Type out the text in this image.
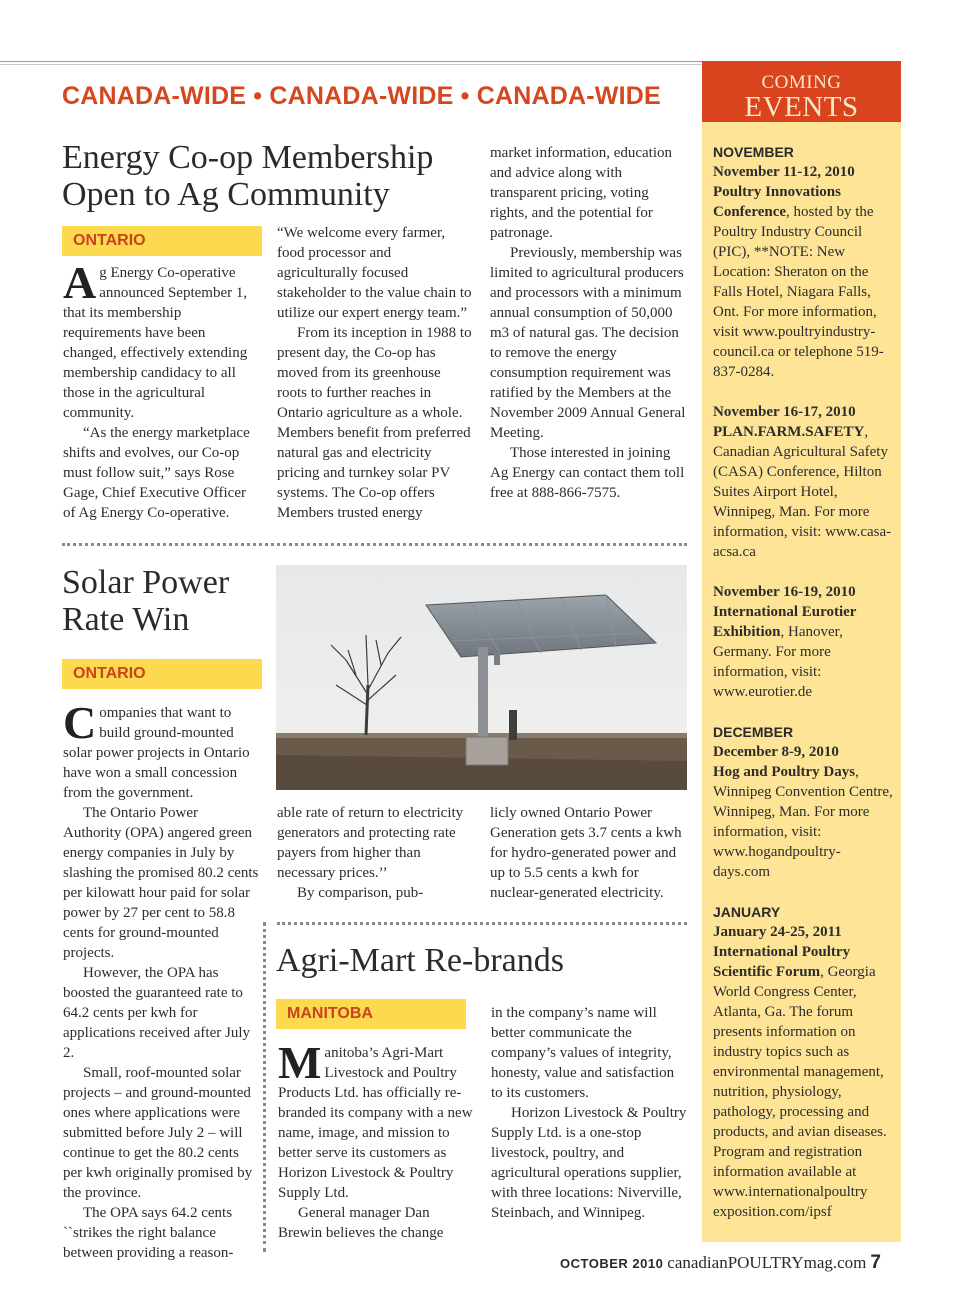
CANADA-WIDE • CANADA-WIDE • CANADA-WIDE
Energy Co-op Membership
Open to Ag Community
ONTARIO

Ag Energy Co-operative announced September 1, that its membership requirements have been changed, effectively extending membership candidacy to all those in the agricultural community.

“As the energy marketplace shifts and evolves, our Co-op must follow suit,” says Rose Gage, Chief Executive Officer of Ag Energy Co-operative.

“We welcome every farmer, food processor and agriculturally focused stakeholder to the value chain to utilize our expert energy team.”

From its inception in 1988 to present day, the Co-op has moved from its greenhouse roots to further reaches in Ontario agriculture as a whole. Members benefit from preferred natural gas and electricity pricing and turnkey solar PV systems. The Co-op offers Members trusted energy

market information, education and advice along with transparent pricing, voting rights, and the potential for patronage.

Previously, membership was limited to agricultural producers and processors with a minimum annual consumption of 50,000 m3 of natural gas. The decision to remove the energy consumption requirement was ratified by the Members at the November 2009 Annual General Meeting.

Those interested in joining Ag Energy can contact them toll free at 888-866-7575.

Solar Power
Rate Win
ONTARIO

Companies that want to build ground-mounted solar power projects in Ontario have won a small concession from the government.

The Ontario Power Authority (OPA) angered green energy companies in July by slashing the promised 80.2 cents per kilowatt hour paid for solar power by 27 per cent to 58.8 cents for ground-mounted projects.

However, the OPA has boosted the guaranteed rate to 64.2 cents per kwh for applications received after July 2.

Small, roof-mounted solar projects – and ground-mounted ones where applications were submitted before July 2 – will continue to get the 80.2 cents per kwh originally promised by the province.

The OPA says 64.2 cents ``strikes the right balance between providing a reason-

able rate of return to electricity generators and protecting rate payers from higher than necessary prices.’’

By comparison, pub-

licly owned Ontario Power Generation gets 3.7 cents a kwh for hydro-generated power and up to 5.5 cents a kwh for nuclear-generated electricity.

Agri-Mart Re-brands
MANITOBA

Manitoba’s Agri-Mart Livestock and Poultry Products Ltd. has officially re-branded its company with a new name, image, and mission to better serve its customers as Horizon Livestock & Poultry Supply Ltd.

General manager Dan Brewin believes the change

in the company’s name will better communicate the company’s values of integrity, honesty, value and satisfaction to its customers.

Horizon Livestock & Poultry Supply Ltd. is a one-stop livestock, poultry, and agricultural operations supplier, with three locations: Niverville, Steinbach, and Winnipeg.

COMING
EVENTS
NOVEMBER
November 11-12, 2010
Poultry Innovations Conference, hosted by the Poultry Industry Council (PIC), **NOTE: New Location: Sheraton on the Falls Hotel, Niagara Falls, Ont. For more information, visit www.poultryindustry-council.ca or telephone 519-837-0284.
November 16-17, 2010
PLAN.FARM.SAFETY, Canadian Agricultural Safety (CASA) Conference, Hilton Suites Airport Hotel, Winnipeg, Man. For more information, visit: www.casa-acsa.ca
November 16-19, 2010
International Eurotier Exhibition, Hanover, Germany. For more information, visit: www.eurotier.de
DECEMBER
December 8-9, 2010
Hog and Poultry Days, Winnipeg Convention Centre, Winnipeg, Man. For more information, visit: www.hogandpoultry-days.com
JANUARY
January 24-25, 2011
International Poultry Scientific Forum, Georgia World Congress Center, Atlanta, Ga. The forum presents information on industry topics such as environmental management, nutrition, physiology, pathology, processing and products, and avian diseases. Program and registration information available at www.internationalpoultry exposition.com/ipsf
OCTOBER 2010 canadianPOULTRYmag.com 7
